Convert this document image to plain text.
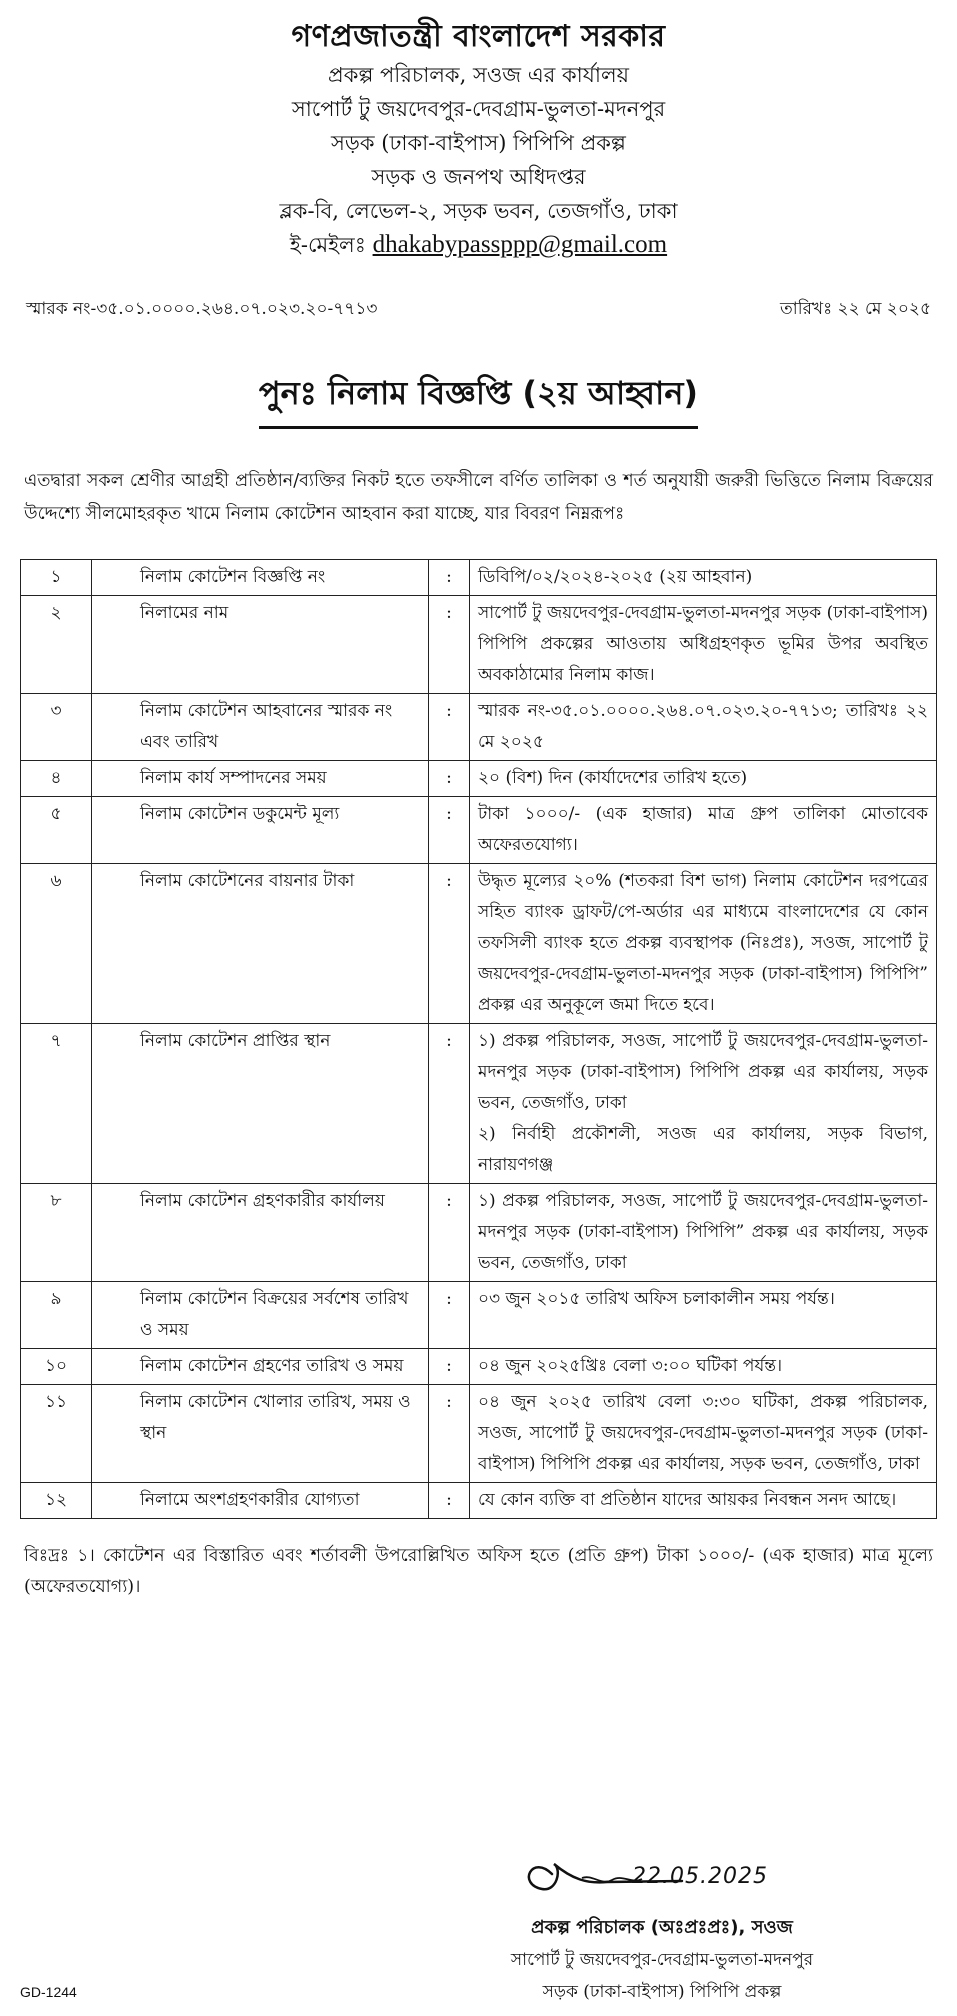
গণপ্রজাতন্ত্রী বাংলাদেশ সরকার
প্রকল্প পরিচালক, সওজ এর কার্যালয়
সাপোর্ট টু জয়দেবপুর-দেবগ্রাম-ভুলতা-মদনপুর
সড়ক (ঢাকা-বাইপাস) পিপিপি প্রকল্প
সড়ক ও জনপথ অধিদপ্তর
ব্লক-বি, লেভেল-২, সড়ক ভবন, তেজগাঁও, ঢাকা
ই-মেইলঃ dhakabypassppp@gmail.com
স্মারক নং-৩৫.০১.০০০০.২৬৪.০৭.০২৩.২০-৭৭১৩	তারিখঃ ২২ মে ২০২৫
পুনঃ নিলাম বিজ্ঞপ্তি (২য় আহ্বান)
এতদ্বারা সকল শ্রেণীর আগ্রহী প্রতিষ্ঠান/ব্যক্তির নিকট হতে তফসীলে বর্ণিত তালিকা ও শর্ত অনুযায়ী জরুরী ভিত্তিতে নিলাম বিক্রয়ের উদ্দেশ্যে সীলমোহরকৃত খামে নিলাম কোটেশন আহবান করা যাচ্ছে, যার বিবরণ নিম্নরূপঃ
১	নিলাম কোটেশন বিজ্ঞপ্তি নং	:	ডিবিপি/০২/২০২৪-২০২৫ (২য় আহবান)
২	নিলামের নাম	:	সাপোর্ট টু জয়দেবপুর-দেবগ্রাম-ভুলতা-মদনপুর সড়ক (ঢাকা-বাইপাস) পিপিপি প্রকল্পের আওতায় অধিগ্রহণকৃত ভূমির উপর অবস্থিত অবকাঠামোর নিলাম কাজ।
৩	নিলাম কোটেশন আহবানের স্মারক নং এবং তারিখ	:	স্মারক নং-৩৫.০১.০০০০.২৬৪.০৭.০২৩.২০-৭৭১৩; তারিখঃ ২২ মে ২০২৫
৪	নিলাম কার্য সম্পাদনের সময়	:	২০ (বিশ) দিন (কার্যাদেশের তারিখ হতে)
৫	নিলাম কোটেশন ডকুমেন্ট মূল্য	:	টাকা ১০০০/- (এক হাজার) মাত্র গ্রুপ তালিকা মোতাবেক অফেরতযোগ্য।
৬	নিলাম কোটেশনের বায়নার টাকা	:	উদ্ধৃত মূল্যের ২০% (শতকরা বিশ ভাগ) নিলাম কোটেশন দরপত্রের সহিত ব্যাংক ড্রাফট/পে-অর্ডার এর মাধ্যমে বাংলাদেশের যে কোন তফসিলী ব্যাংক হতে প্রকল্প ব্যবস্থাপক (নিঃপ্রঃ), সওজ, সাপোর্ট টু জয়দেবপুর-দেবগ্রাম-ভুলতা-মদনপুর সড়ক (ঢাকা-বাইপাস) পিপিপি” প্রকল্প এর অনুকূলে জমা দিতে হবে।
৭	নিলাম কোটেশন প্রাপ্তির স্থান	:	১) প্রকল্প পরিচালক, সওজ, সাপোর্ট টু জয়দেবপুর-দেবগ্রাম-ভুলতা-মদনপুর সড়ক (ঢাকা-বাইপাস) পিপিপি প্রকল্প এর কার্যালয়, সড়ক ভবন, তেজগাঁও, ঢাকা
২) নির্বাহী প্রকৌশলী, সওজ এর কার্যালয়, সড়ক বিভাগ, নারায়ণগঞ্জ

৮	নিলাম কোটেশন গ্রহণকারীর কার্যালয়	:	১) প্রকল্প পরিচালক, সওজ, সাপোর্ট টু জয়দেবপুর-দেবগ্রাম-ভুলতা-মদনপুর সড়ক (ঢাকা-বাইপাস) পিপিপি” প্রকল্প এর কার্যালয়, সড়ক ভবন, তেজগাঁও, ঢাকা
৯	নিলাম কোটেশন বিক্রয়ের সর্বশেষ তারিখ ও সময়	:	০৩ জুন ২০১৫ তারিখ অফিস চলাকালীন সময় পর্যন্ত।
১০	নিলাম কোটেশন গ্রহণের তারিখ ও সময়	:	০৪ জুন ২০২৫খ্রিঃ বেলা ৩:০০ ঘটিকা পর্যন্ত।
১১	নিলাম কোটেশন খোলার তারিখ, সময় ও স্থান	:	০৪ জুন ২০২৫ তারিখ বেলা ৩:৩০ ঘটিকা, প্রকল্প পরিচালক, সওজ, সাপোর্ট টু জয়দেবপুর-দেবগ্রাম-ভুলতা-মদনপুর সড়ক (ঢাকা-বাইপাস) পিপিপি প্রকল্প এর কার্যালয়, সড়ক ভবন, তেজগাঁও, ঢাকা
১২	নিলামে অংশগ্রহণকারীর যোগ্যতা	:	যে কোন ব্যক্তি বা প্রতিষ্ঠান যাদের আয়কর নিবন্ধন সনদ আছে।
বিঃদ্রঃ ১। কোটেশন এর বিস্তারিত এবং শর্তাবলী উপরোল্লিখিত অফিস হতে (প্রতি গ্রুপ) টাকা ১০০০/- (এক হাজার) মাত্র মূল্যে (অফেরতযোগ্য)।
22.05.2025
প্রকল্প পরিচালক (অঃপ্রঃপ্রঃ), সওজ
সাপোর্ট টু জয়দেবপুর-দেবগ্রাম-ভুলতা-মদনপুর
সড়ক (ঢাকা-বাইপাস) পিপিপি প্রকল্প
GD-1244
